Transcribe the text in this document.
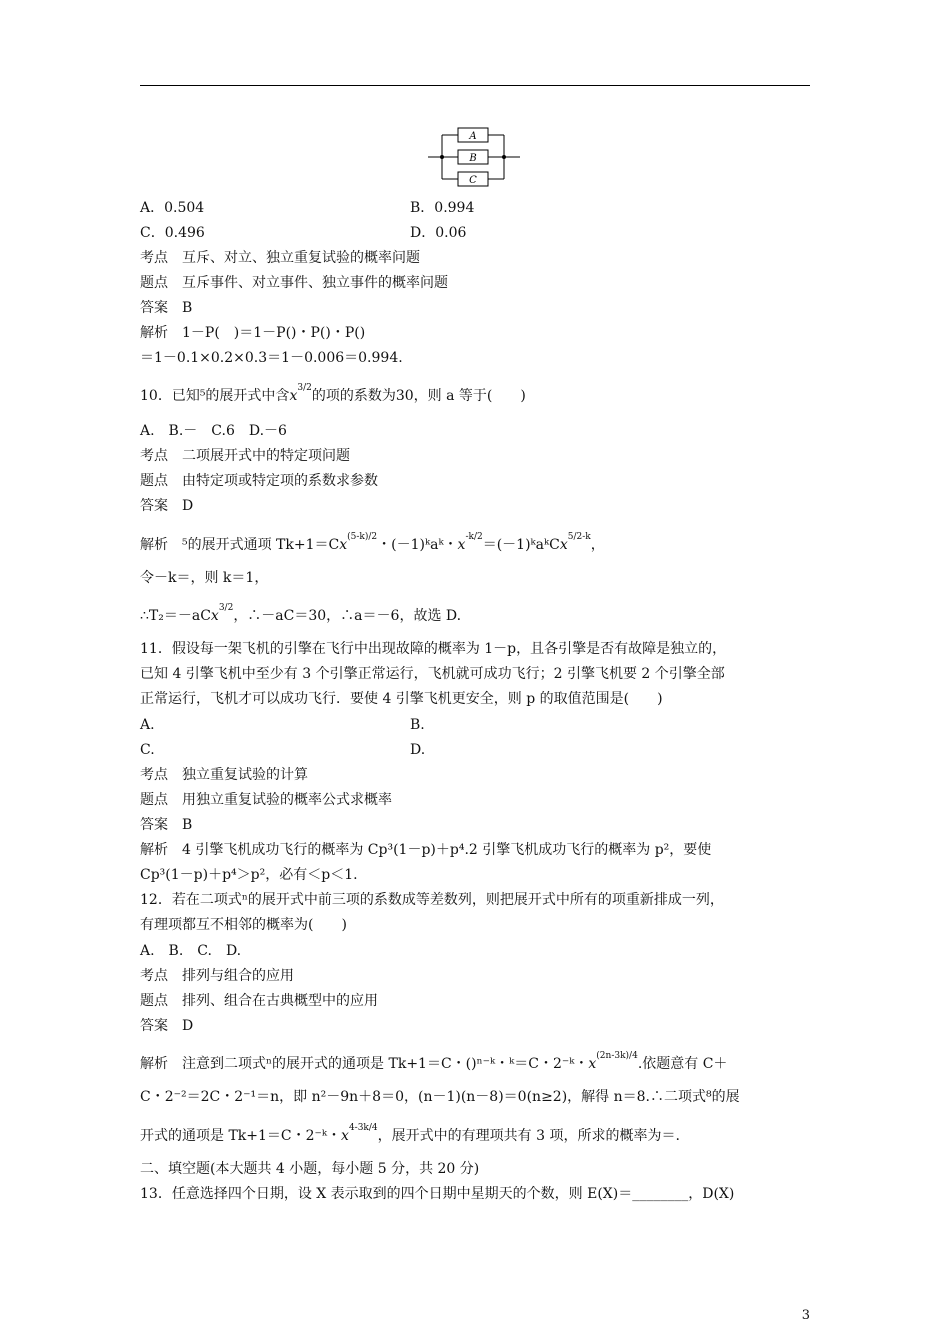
A
B
C
A．0.504	B．0.994
C．0.496	D．0.06
考点　互斥、对立、独立重复试验的概率问题
题点　互斥事件、对立事件、独立事件的概率问题
答案　B
解析　1－P(　)＝1－P()・P()・P()
＝1－0.1×0.2×0.3＝1－0.006＝0.994.
10．已知⁵的展开式中含x3/2的项的系数为30，则 a 等于(　　)
A.　B.－　C.6　D.－6
考点　二项展开式中的特定项问题
题点　由特定项或特定项的系数求参数
答案　D
解析　⁵的展开式通项 Tk+1＝Cx(5-k)/2・(－1)ᵏaᵏ・x-k/2＝(－1)ᵏaᵏCx5/2-k，
令－k＝，则 k＝1，
∴T₂＝－aCx3/2，∴－aC＝30，∴a＝－6，故选 D.
11．假设每一架飞机的引擎在飞行中出现故障的概率为 1－p，且各引擎是否有故障是独立的，
已知 4 引擎飞机中至少有 3 个引擎正常运行，飞机就可成功飞行；2 引擎飞机要 2 个引擎全部
正常运行，飞机才可以成功飞行．要使 4 引擎飞机更安全，则 p 的取值范围是(　　)
A.	B.
C.	D.
考点　独立重复试验的计算
题点　用独立重复试验的概率公式求概率
答案　B
解析　4 引擎飞机成功飞行的概率为 Cp³(1－p)＋p⁴.2 引擎飞机成功飞行的概率为 p²，要使
Cp³(1－p)＋p⁴＞p²，必有＜p＜1.
12．若在二项式ⁿ的展开式中前三项的系数成等差数列，则把展开式中所有的项重新排成一列，
有理项都互不相邻的概率为(　　)
A.　B.　C.　D.
考点　排列与组合的应用
题点　排列、组合在古典概型中的应用
答案　D
解析　注意到二项式ⁿ的展开式的通项是 Tk+1＝C・()ⁿ⁻ᵏ・ᵏ＝C・2⁻ᵏ・x(2n-3k)/4.依题意有 C＋
C・2⁻²＝2C・2⁻¹＝n，即 n²－9n＋8＝0，(n－1)(n－8)＝0(n≥2)，解得 n＝8.∴二项式⁸的展
开式的通项是 Tk+1＝C・2⁻ᵏ・x4-3k/4，展开式中的有理项共有 3 项，所求的概率为＝.
二、填空题(本大题共 4 小题，每小题 5 分，共 20 分)
13．任意选择四个日期，设 X 表示取到的四个日期中星期天的个数，则 E(X)＝________，D(X)
3
